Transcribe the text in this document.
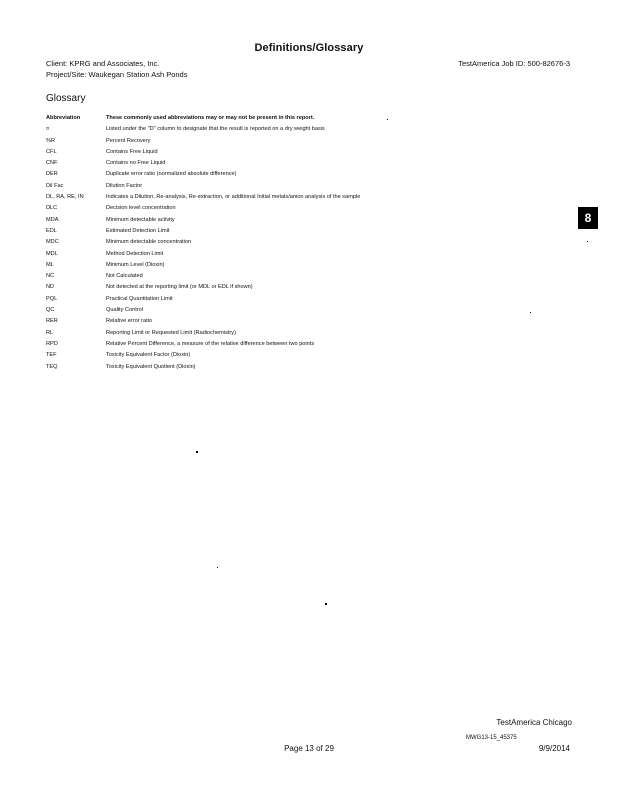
Definitions/Glossary
Client: KPRG and Associates, Inc.	TestAmerica Job ID: 500-82676-3
Project/Site: Waukegan Station Ash Ponds
Glossary
Abbreviation	These commonly used abbreviations may or may not be present in this report.
¤	Listed under the "D" column to designate that the result is reported on a dry weight basis
%R	Percent Recovery
CFL	Contains Free Liquid
CNF	Contains no Free Liquid
DER	Duplicate error ratio (normalized absolute difference)
Dil Fac	Dilution Factor
DL, RA, RE, IN	Indicates a Dilution, Re-analysis, Re-extraction, or additional Initial metals/anion analysis of the sample
DLC	Decision level concentration
MDA	Minimum detectable activity
EDL	Estimated Detection Limit
MDC	Minimum detectable concentration
MDL	Method Detection Limit
ML	Minimum Level (Dioxin)
NC	Not Calculated
ND	Not detected at the reporting limit (or MDL or EDL if shown)
PQL	Practical Quantitation Limit
QC	Quality Control
RER	Relative error ratio
RL	Reporting Limit or Requested Limit (Radiochemistry)
RPD	Relative Percent Difference, a measure of the relative difference between two points
TEF	Toxicity Equivalent Factor (Dioxin)
TEQ	Toxicity Equivalent Quotient (Dioxin)
8
TestAmerica Chicago
MWG13-15_45375
Page 13 of 29	9/9/2014
